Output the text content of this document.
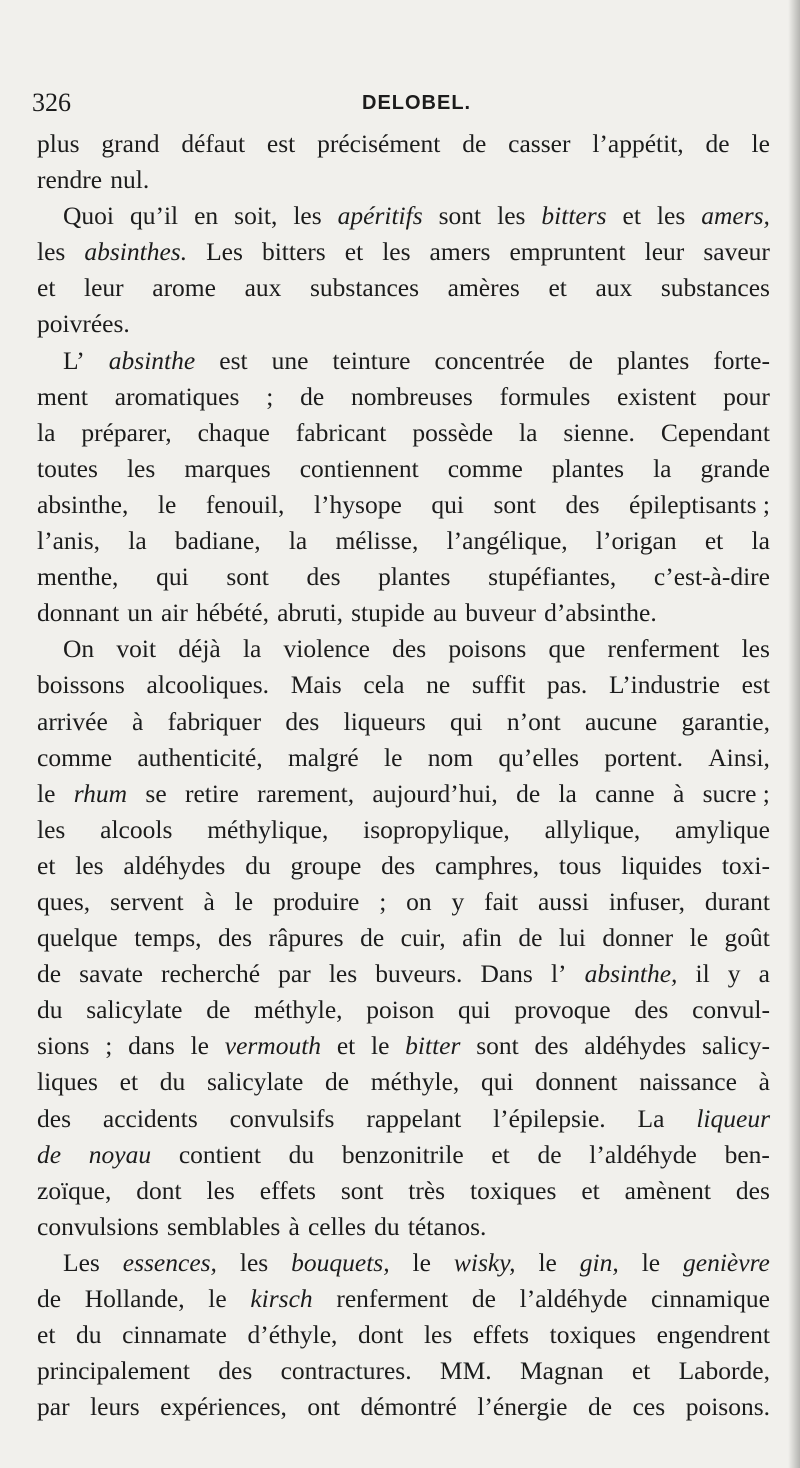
326	DELOBEL.
plus grand défaut est précisément de casser l’appétit, de le
rendre nul.
Quoi qu’il en soit, les apéritifs sont les bitters et les amers,
les absinthes. Les bitters et les amers empruntent leur saveur
et leur arome aux substances amères et aux substances
poivrées.
L’ absinthe est une teinture concentrée de plantes forte-
ment aromatiques ; de nombreuses formules existent pour
la préparer, chaque fabricant possède la sienne. Cependant
toutes les marques contiennent comme plantes la grande
absinthe, le fenouil, l’hysope qui sont des épileptisants ;
l’anis, la badiane, la mélisse, l’angélique, l’origan et la
menthe, qui sont des plantes stupéfiantes, c’est-à-dire
donnant un air hébété, abruti, stupide au buveur d’absinthe.
On voit déjà la violence des poisons que renferment les
boissons alcooliques. Mais cela ne suffit pas. L’industrie est
arrivée à fabriquer des liqueurs qui n’ont aucune garantie,
comme authenticité, malgré le nom qu’elles portent. Ainsi,
le rhum se retire rarement, aujourd’hui, de la canne à sucre ;
les alcools méthylique, isopropylique, allylique, amylique
et les aldéhydes du groupe des camphres, tous liquides toxi-
ques, servent à le produire ; on y fait aussi infuser, durant
quelque temps, des râpures de cuir, afin de lui donner le goût
de savate recherché par les buveurs. Dans l’ absinthe, il y a
du salicylate de méthyle, poison qui provoque des convul-
sions ; dans le vermouth et le bitter sont des aldéhydes salicy-
liques et du salicylate de méthyle, qui donnent naissance à
des accidents convulsifs rappelant l’épilepsie. La liqueur
de noyau contient du benzonitrile et de l’aldéhyde ben-
zoïque, dont les effets sont très toxiques et amènent des
convulsions semblables à celles du tétanos.
Les essences, les bouquets, le wisky, le gin, le genièvre
de Hollande, le kirsch renferment de l’aldéhyde cinnamique
et du cinnamate d’éthyle, dont les effets toxiques engendrent
principalement des contractures. MM. Magnan et Laborde,
par leurs expériences, ont démontré l’énergie de ces poisons.
